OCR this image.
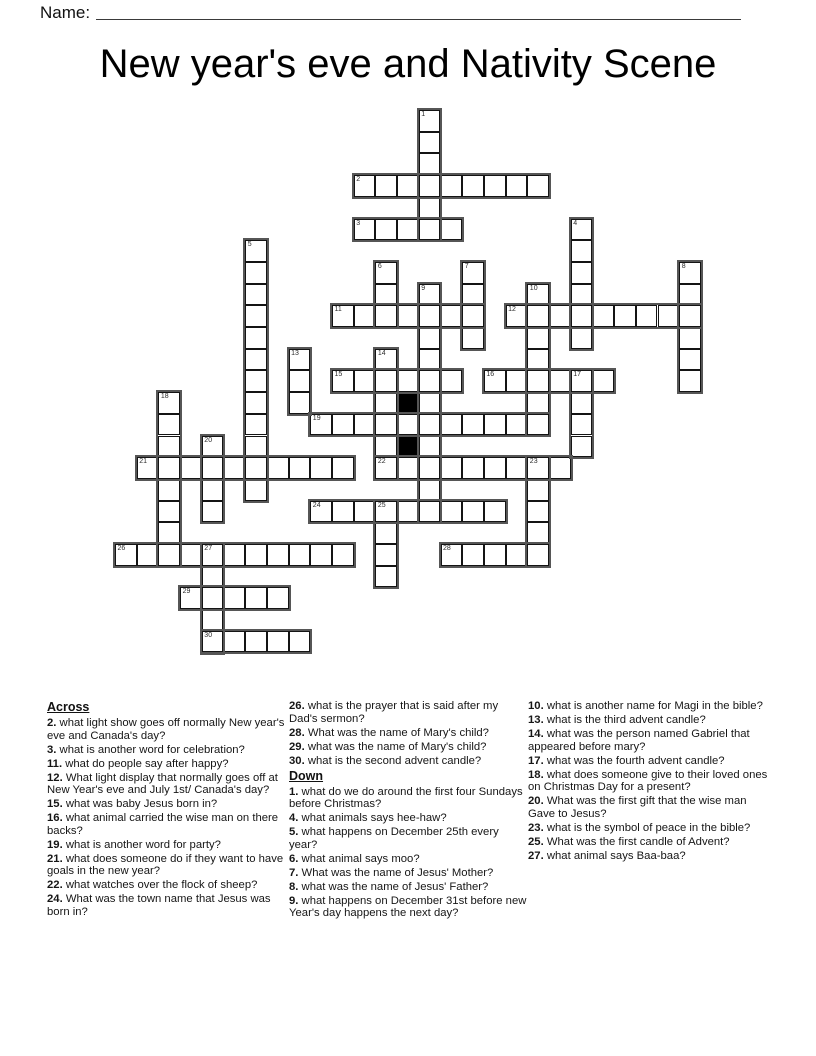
Name:
New year's eve and Nativity Scene
1
2
3	4
5
6	7	8
9	10
11	12
13	14
15	16	17
18
19
20
21	22	23
24	25
26	27	28
29
30
Across

2. what light show goes off normally New year's eve and Canada's day?

3. what is another word for celebration?

11. what do people say after happy?

12. What light display that normally goes off at New Year's eve and July 1st/ Canada's day?

15. what was baby Jesus born in?

16. what animal carried the wise man on there backs?

19. what is another word for party?

21. what does someone do if they want to have goals in the new year?

22. what watches over the flock of sheep?

24. What was the town name that Jesus was born in?

26. what is the prayer that is said after my Dad's sermon?

28. What was the name of Mary's child?

29. what was the name of Mary's child?

30. what is the second advent candle?

Down

1. what do we do around the first four Sundays before Christmas?

4. what animals says hee-haw?

5. what happens on December 25th every year?

6. what animal says moo?

7. What was the name of Jesus' Mother?

8. what was the name of Jesus' Father?

9. what happens on December 31st before new Year's day happens the next day?

10. what is another name for Magi in the bible?

13. what is the third advent candle?

14. what was the person named Gabriel that appeared before mary?

17. what was the fourth advent candle?

18. what does someone give to their loved ones on Christmas Day for a present?

20. What was the first gift that the wise man Gave to Jesus?

23. what is the symbol of peace in the bible?

25. What was the first candle of Advent?

27. what animal says Baa-baa?
